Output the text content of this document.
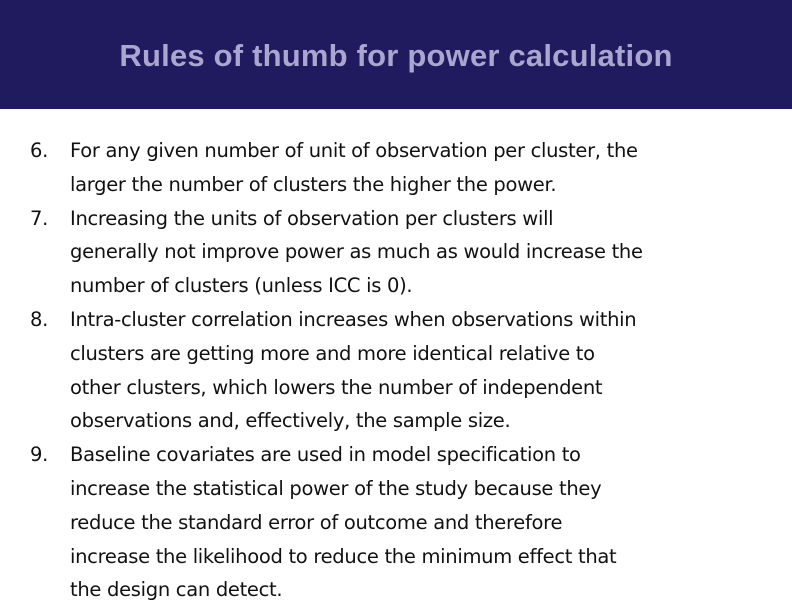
Rules of thumb for power calculation
6. For any given number of unit of observation per cluster, the
larger the number of clusters the higher the power.
7. Increasing the units of observation per clusters will
generally not improve power as much as would increase the
number of clusters (unless ICC is 0).
8. Intra-cluster correlation increases when observations within
clusters are getting more and more identical relative to
other clusters, which lowers the number of independent
observations and, effectively, the sample size.
9. Baseline covariates are used in model specification to
increase the statistical power of the study because they
reduce the standard error of outcome and therefore
increase the likelihood to reduce the minimum effect that
the design can detect.
